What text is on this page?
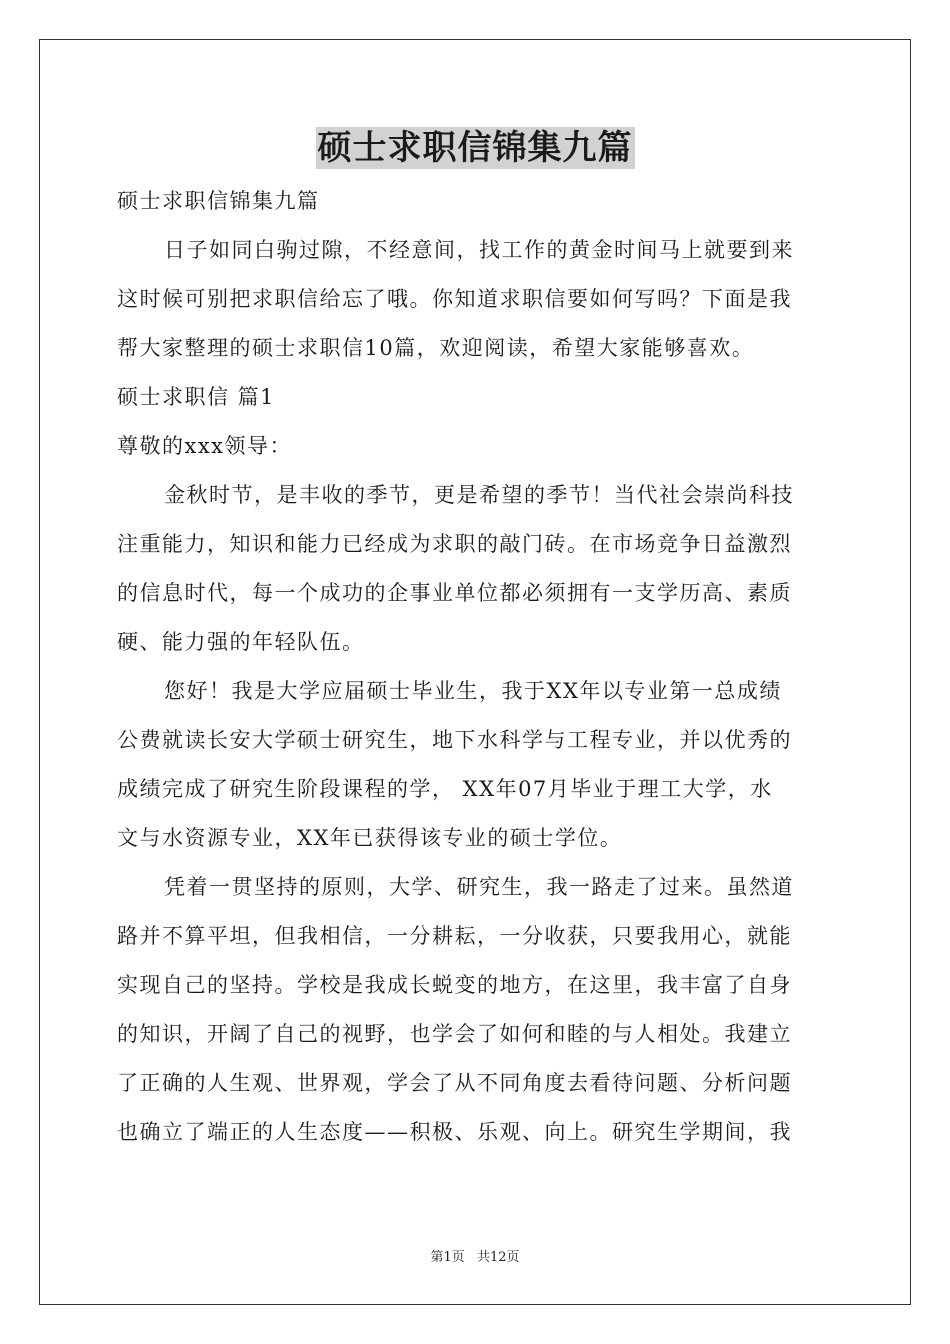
硕士求职信锦集九篇

硕士求职信锦集九篇

日子如同白驹过隙，不经意间，找工作的黄金时间马上就要到来

这时候可别把求职信给忘了哦。你知道求职信要如何写吗？下面是我

帮大家整理的硕士求职信10篇，欢迎阅读，希望大家能够喜欢。

硕士求职信 篇1

尊敬的xxx领导：

金秋时节，是丰收的季节，更是希望的季节！当代社会崇尚科技

注重能力，知识和能力已经成为求职的敲门砖。在市场竞争日益激烈

的信息时代，每一个成功的企事业单位都必须拥有一支学历高、素质

硬、能力强的年轻队伍。

您好！我是大学应届硕士毕业生，我于XX年以专业第一总成绩

公费就读长安大学硕士研究生，地下水科学与工程专业，并以优秀的

成绩完成了研究生阶段课程的学， XX年07月毕业于理工大学，水

文与水资源专业，XX年已获得该专业的硕士学位。

凭着一贯坚持的原则，大学、研究生，我一路走了过来。虽然道

路并不算平坦，但我相信，一分耕耘，一分收获，只要我用心，就能

实现自己的坚持。学校是我成长蜕变的地方，在这里，我丰富了自身

的知识，开阔了自己的视野，也学会了如何和睦的与人相处。我建立

了正确的人生观、世界观，学会了从不同角度去看待问题、分析问题

也确立了端正的人生态度——积极、乐观、向上。研究生学期间，我

第1页 共12页
